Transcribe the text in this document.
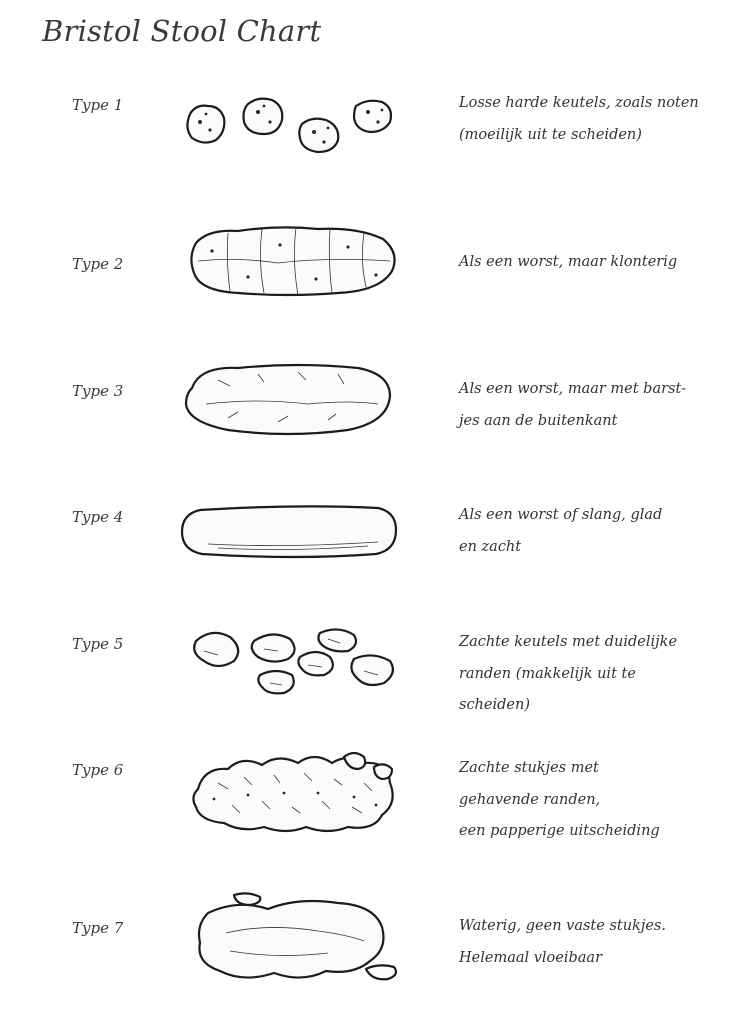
Bristol Stool Chart
Type 1	Losse harde keutels, zoals noten
(moeilijk uit te scheiden)
Type 2	Als een worst, maar klonterig
Type 3	Als een worst, maar met barst-
jes aan de buitenkant
Type 4	Als een worst of slang, glad
en zacht
Type 5	Zachte keutels met duidelijke
randen (makkelijk uit te
scheiden)
Type 6	Zachte stukjes met
gehavende randen,
een papperige uitscheiding
Type 7	Waterig, geen vaste stukjes.
Helemaal vloeibaar
